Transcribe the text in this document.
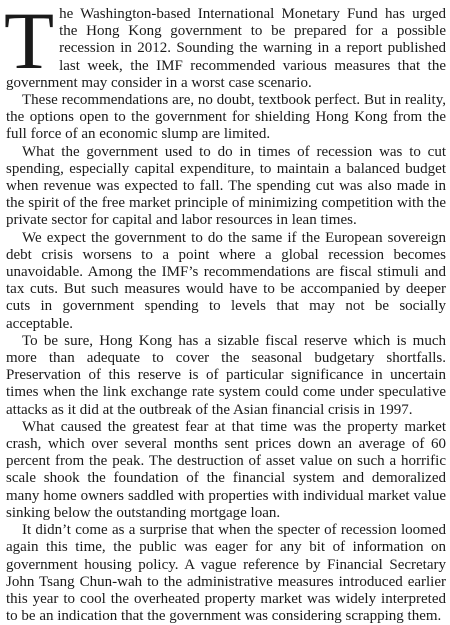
The Washington-based International Monetary Fund has urged the Hong Kong government to be prepared for a possible recession in 2012. Sounding the warning in a report published last week, the IMF recommended various measures that the government may consider in a worst case scenario.

These recommendations are, no doubt, textbook perfect. But in reality, the options open to the government for shielding Hong Kong from the full force of an economic slump are limited.

What the government used to do in times of recession was to cut spending, especially capital expenditure, to maintain a balanced budget when revenue was expected to fall. The spending cut was also made in the spirit of the free market principle of minimizing competition with the private sector for capital and labor resources in lean times.

We expect the government to do the same if the European sovereign debt crisis worsens to a point where a global recession becomes unavoidable. Among the IMF’s recommendations are fiscal stimuli and tax cuts. But such measures would have to be accompanied by deeper cuts in government spending to levels that may not be socially acceptable.

To be sure, Hong Kong has a sizable fiscal reserve which is much more than adequate to cover the seasonal budgetary shortfalls. Preservation of this reserve is of particular significance in uncertain times when the link exchange rate system could come under speculative attacks as it did at the outbreak of the Asian financial crisis in 1997.

What caused the greatest fear at that time was the property market crash, which over several months sent prices down an average of 60 percent from the peak. The destruction of asset value on such a horrific scale shook the foundation of the financial system and demoralized many home owners saddled with properties with individual market value sinking below the outstanding mortgage loan.

It didn’t come as a surprise that when the specter of recession loomed again this time, the public was eager for any bit of information on government housing policy. A vague reference by Financial Secretary John Tsang Chun-wah to the administrative measures introduced earlier this year to cool the overheated property market was widely interpreted to be an indication that the government was considering scrapping them.
